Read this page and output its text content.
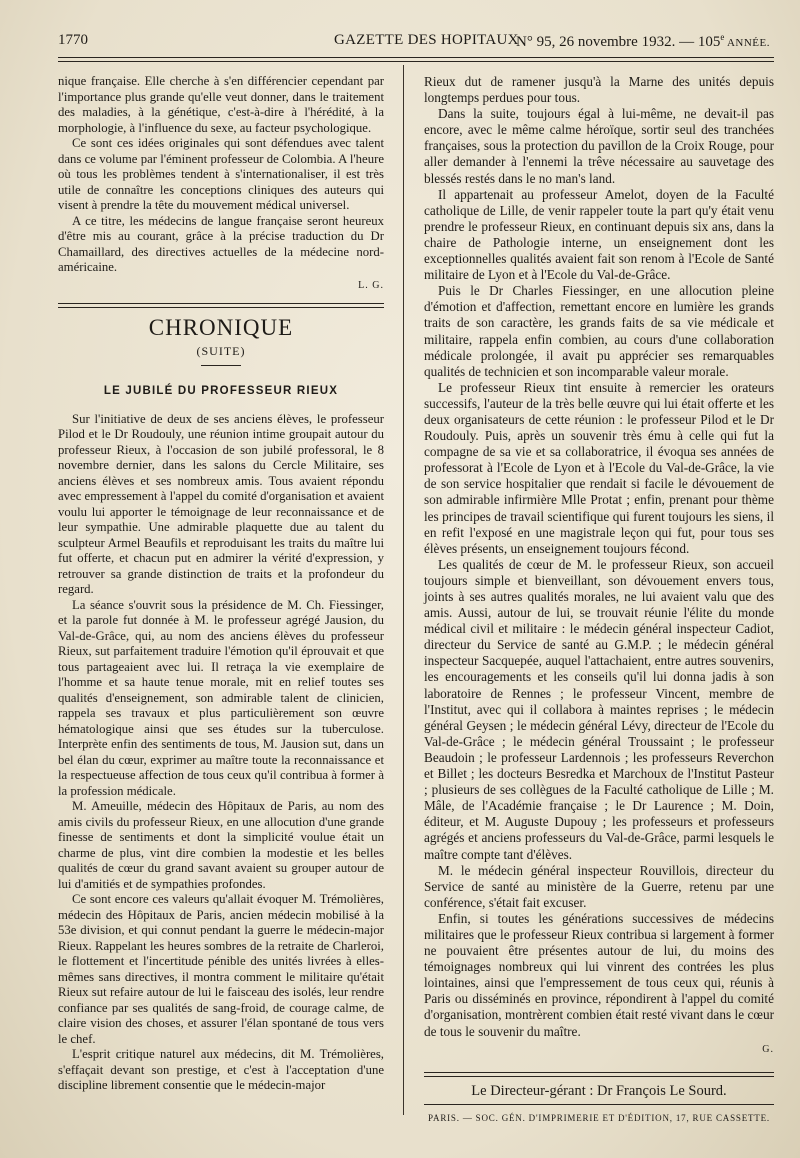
1770	GAZETTE DES HOPITAUX
N° 95, 26 novembre 1932. — 105e ANNÉE.

nique française. Elle cherche à s'en différencier cependant par l'importance plus grande qu'elle veut donner, dans le traitement des maladies, à la génétique, c'est-à-dire à l'hérédité, à la morphologie, à l'influence du sexe, au facteur psychologique.

Ce sont ces idées originales qui sont défendues avec talent dans ce volume par l'éminent professeur de Colombia. A l'heure où tous les problèmes tendent à s'internationaliser, il est très utile de connaître les conceptions cliniques des auteurs qui visent à prendre la tête du mouvement médical universel.

A ce titre, les médecins de langue française seront heureux d'être mis au courant, grâce à la précise traduction du Dr Chamaillard, des directives actuelles de la médecine nord-américaine.

L. G.
CHRONIQUE
(SUITE)
LE JUBILÉ DU PROFESSEUR RIEUX

Sur l'initiative de deux de ses anciens élèves, le professeur Pilod et le Dr Roudouly, une réunion intime groupait autour du professeur Rieux, à l'occasion de son jubilé professoral, le 8 novembre dernier, dans les salons du Cercle Militaire, ses anciens élèves et ses nombreux amis. Tous avaient répondu avec empressement à l'appel du comité d'organisation et avaient voulu lui apporter le témoignage de leur reconnaissance et de leur sympathie. Une admirable plaquette due au talent du sculpteur Armel Beaufils et reproduisant les traits du maître lui fut offerte, et chacun put en admirer la vérité d'expression, y retrouver sa grande distinction de traits et la profondeur du regard.

La séance s'ouvrit sous la présidence de M. Ch. Fiessinger, et la parole fut donnée à M. le professeur agrégé Jausion, du Val-de-Grâce, qui, au nom des anciens élèves du professeur Rieux, sut parfaitement traduire l'émotion qu'il éprouvait et que tous partageaient avec lui. Il retraça la vie exemplaire de l'homme et sa haute tenue morale, mit en relief toutes ses qualités d'enseignement, son admirable talent de clinicien, rappela ses travaux et plus particulièrement son œuvre hématologique ainsi que ses études sur la tuberculose. Interprète enfin des sentiments de tous, M. Jausion sut, dans un bel élan du cœur, exprimer au maître toute la reconnaissance et la respectueuse affection de tous ceux qu'il contribua à former à la profession médicale.

M. Ameuille, médecin des Hôpitaux de Paris, au nom des amis civils du professeur Rieux, en une allocution d'une grande finesse de sentiments et dont la simplicité voulue était un charme de plus, vint dire combien la modestie et les belles qualités de cœur du grand savant avaient su grouper autour de lui d'amitiés et de sympathies profondes.

Ce sont encore ces valeurs qu'allait évoquer M. Trémolières, médecin des Hôpitaux de Paris, ancien médecin mobilisé à la 53e division, et qui connut pendant la guerre le médecin-major Rieux. Rappelant les heures sombres de la retraite de Charleroi, le flottement et l'incertitude pénible des unités livrées à elles-mêmes sans directives, il montra comment le militaire qu'était Rieux sut refaire autour de lui le faisceau des isolés, leur rendre confiance par ses qualités de sang-froid, de courage calme, de claire vision des choses, et assurer l'élan spontané de tous vers le chef.

L'esprit critique naturel aux médecins, dit M. Trémolières, s'effaçait devant son prestige, et c'est à l'acceptation d'une discipline librement consentie que le médecin-major

Rieux dut de ramener jusqu'à la Marne des unités depuis longtemps perdues pour tous.

Dans la suite, toujours égal à lui-même, ne devait-il pas encore, avec le même calme héroïque, sortir seul des tranchées françaises, sous la protection du pavillon de la Croix Rouge, pour aller demander à l'ennemi la trêve nécessaire au sauvetage des blessés restés dans le no man's land.

Il appartenait au professeur Amelot, doyen de la Faculté catholique de Lille, de venir rappeler toute la part qu'y était venu prendre le professeur Rieux, en continuant depuis six ans, dans la chaire de Pathologie interne, un enseignement dont les exceptionnelles qualités avaient fait son renom à l'Ecole de Santé militaire de Lyon et à l'Ecole du Val-de-Grâce.

Puis le Dr Charles Fiessinger, en une allocution pleine d'émotion et d'affection, remettant encore en lumière les grands traits de son caractère, les grands faits de sa vie médicale et militaire, rappela enfin combien, au cours d'une collaboration médicale prolongée, il avait pu apprécier ses remarquables qualités de technicien et son incomparable valeur morale.

Le professeur Rieux tint ensuite à remercier les orateurs successifs, l'auteur de la très belle œuvre qui lui était offerte et les deux organisateurs de cette réunion : le professeur Pilod et le Dr Roudouly. Puis, après un souvenir très ému à celle qui fut la compagne de sa vie et sa collaboratrice, il évoqua ses années de professorat à l'Ecole de Lyon et à l'Ecole du Val-de-Grâce, la vie de son service hospitalier que rendait si facile le dévouement de son admirable infirmière Mlle Protat ; enfin, prenant pour thème les principes de travail scientifique qui furent toujours les siens, il en refit l'exposé en une magistrale leçon qui fut, pour tous ses élèves présents, un enseignement toujours fécond.

Les qualités de cœur de M. le professeur Rieux, son accueil toujours simple et bienveillant, son dévouement envers tous, joints à ses autres qualités morales, ne lui avaient valu que des amis. Aussi, autour de lui, se trouvait réunie l'élite du monde médical civil et militaire : le médecin général inspecteur Cadiot, directeur du Service de santé au G.M.P. ; le médecin général inspecteur Sacquepée, auquel l'attachaient, entre autres souvenirs, les encouragements et les conseils qu'il lui donna jadis à son laboratoire de Rennes ; le professeur Vincent, membre de l'Institut, avec qui il collabora à maintes reprises ; le médecin général Geysen ; le médecin général Lévy, directeur de l'Ecole du Val-de-Grâce ; le médecin général Troussaint ; le professeur Beaudoin ; le professeur Lardennois ; les professeurs Reverchon et Billet ; les docteurs Besredka et Marchoux de l'Institut Pasteur ; plusieurs de ses collègues de la Faculté catholique de Lille ; M. Mâle, de l'Académie française ; le Dr Laurence ; M. Doin, éditeur, et M. Auguste Dupouy ; les professeurs et professeurs agrégés et anciens professeurs du Val-de-Grâce, parmi lesquels le maître compte tant d'élèves.

M. le médecin général inspecteur Rouvillois, directeur du Service de santé au ministère de la Guerre, retenu par une conférence, s'était fait excuser.

Enfin, si toutes les générations successives de médecins militaires que le professeur Rieux contribua si largement à former ne pouvaient être présentes autour de lui, du moins des témoignages nombreux qui lui vinrent des contrées les plus lointaines, ainsi que l'empressement de tous ceux qui, réunis à Paris ou disséminés en province, répondirent à l'appel du comité d'organisation, montrèrent combien était resté vivant dans le cœur de tous le souvenir du maître.

G.
Le Directeur-gérant : Dr François Le Sourd.
PARIS. — SOC. GÉN. D'IMPRIMERIE ET D'ÉDITION, 17, RUE CASSETTE.
